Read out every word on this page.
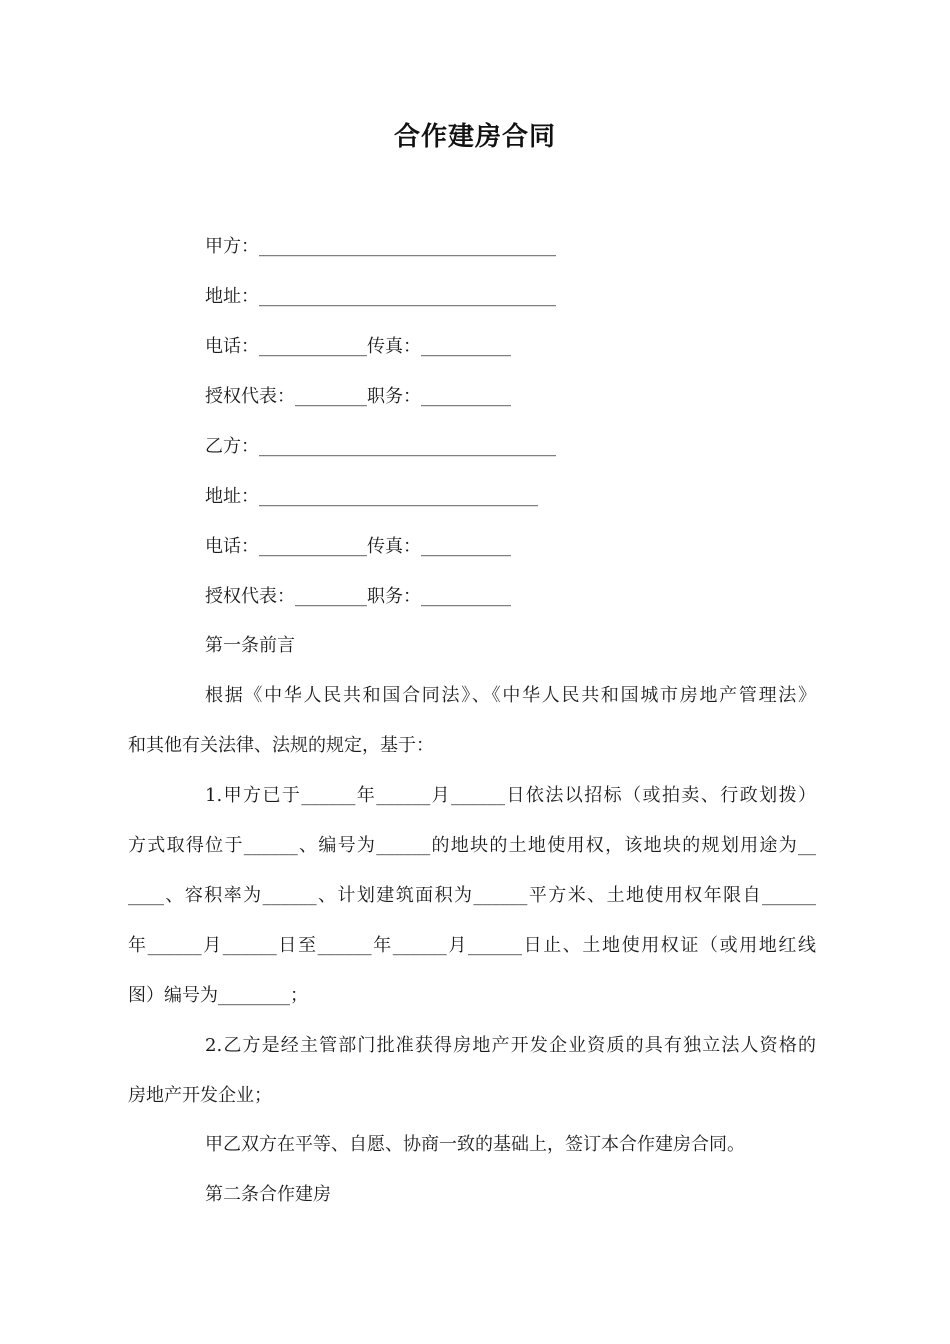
合作建房合同
甲方：_________________________________
地址：_________________________________
电话：____________传真：__________
授权代表：________职务：__________
乙方：_________________________________
地址：_______________________________
电话：____________传真：__________
授权代表：________职务：__________
第一条前言
根据《中华人民共和国合同法》、《中华人民共和国城市房地产管理法》
和其他有关法律、法规的规定，基于：
1.甲方已于______年______月______日依法以招标（或拍卖、行政划拨）
方式取得位于______、编号为______的地块的土地使用权，该地块的规划用途为__
____、容积率为______、计划建筑面积为______平方米、土地使用权年限自______
年______月______日至______年______月______日止、土地使用权证（或用地红线
图）编号为________；
2.乙方是经主管部门批准获得房地产开发企业资质的具有独立法人资格的
房地产开发企业；
甲乙双方在平等、自愿、协商一致的基础上，签订本合作建房合同。
第二条合作建房
